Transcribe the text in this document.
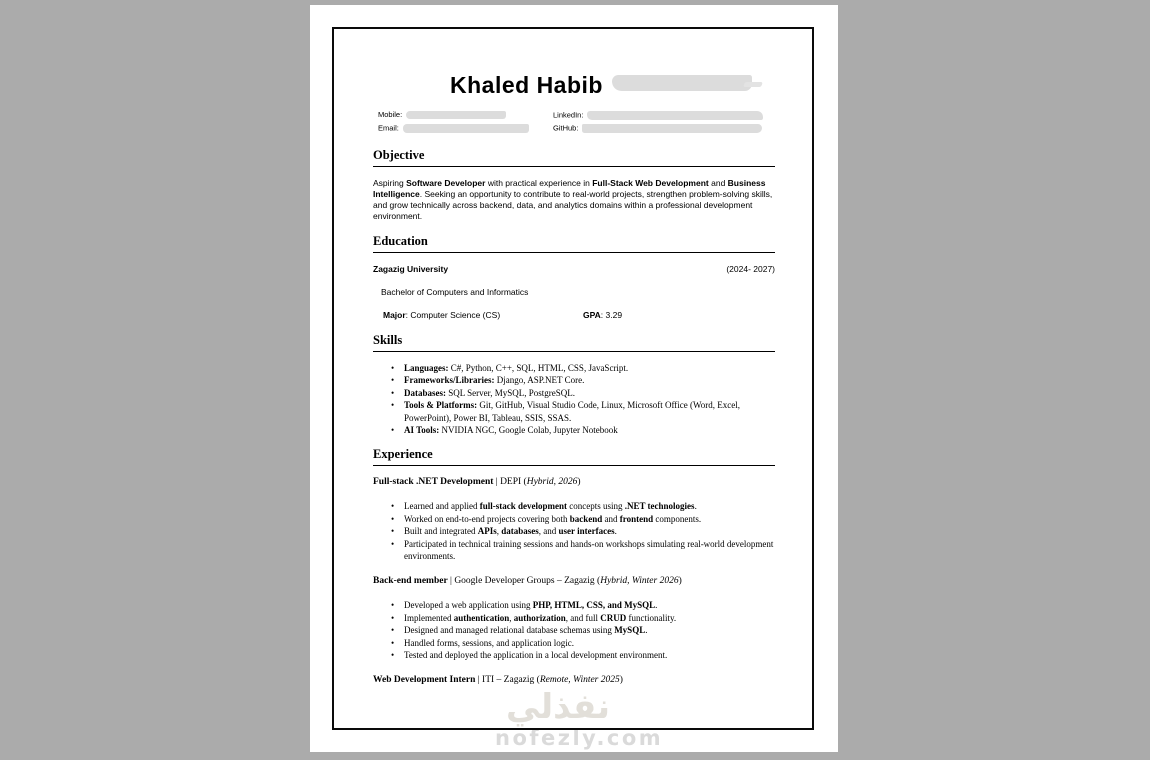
نفذلي
nofezly.com
Khaled Habib
Mobile:	LinkedIn:
Email:	GitHub:
Objective
Aspiring Software Developer with practical experience in Full-Stack Web Development and Business Intelligence. Seeking an opportunity to contribute to real-world projects, strengthen problem-solving skills, and grow technically across backend, data, and analytics domains within a professional development environment.
Education
Zagazig University	(2024- 2027)
Bachelor of Computers and Informatics
Major: Computer Science (CS)	GPA: 3.29
Skills
• Languages: C#, Python, C++, SQL, HTML, CSS, JavaScript.
• Frameworks/Libraries: Django, ASP.NET Core.
• Databases: SQL Server, MySQL, PostgreSQL.
• Tools & Platforms: Git, GitHub, Visual Studio Code, Linux, Microsoft Office (Word, Excel, PowerPoint), Power BI, Tableau, SSIS, SSAS.
• AI Tools: NVIDIA NGC, Google Colab, Jupyter Notebook
Experience
Full-stack .NET Development | DEPI (Hybrid, 2026)
• Learned and applied full-stack development concepts using .NET technologies.
• Worked on end-to-end projects covering both backend and frontend components.
• Built and integrated APIs, databases, and user interfaces.
• Participated in technical training sessions and hands-on workshops simulating real-world development environments.
Back-end member | Google Developer Groups – Zagazig (Hybrid, Winter 2026)
• Developed a web application using PHP, HTML, CSS, and MySQL.
• Implemented authentication, authorization, and full CRUD functionality.
• Designed and managed relational database schemas using MySQL.
• Handled forms, sessions, and application logic.
• Tested and deployed the application in a local development environment.
Web Development Intern | ITI – Zagazig (Remote, Winter 2025)
